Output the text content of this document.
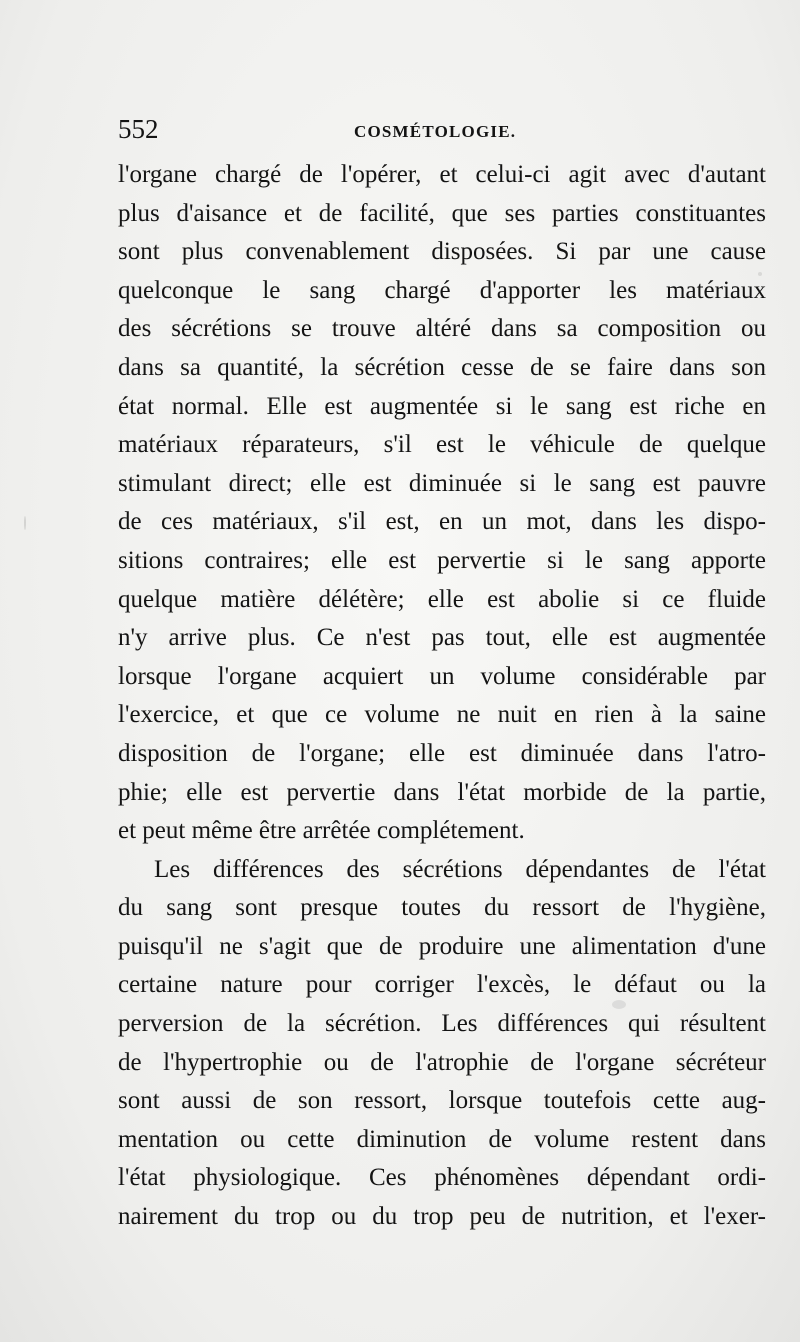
552	COSMÉTOLOGIE.
l'organe chargé de l'opérer, et celui-ci agit avec d'autant
plus d'aisance et de facilité, que ses parties constituantes
sont plus convenablement disposées. Si par une cause
quelconque le sang chargé d'apporter les matériaux
des sécrétions se trouve altéré dans sa composition ou
dans sa quantité, la sécrétion cesse de se faire dans son
état normal. Elle est augmentée si le sang est riche en
matériaux réparateurs, s'il est le véhicule de quelque
stimulant direct; elle est diminuée si le sang est pauvre
de ces matériaux, s'il est, en un mot, dans les dispo-
sitions contraires; elle est pervertie si le sang apporte
quelque matière délétère; elle est abolie si ce fluide
n'y arrive plus. Ce n'est pas tout, elle est augmentée
lorsque l'organe acquiert un volume considérable par
l'exercice, et que ce volume ne nuit en rien à la saine
disposition de l'organe; elle est diminuée dans l'atro-
phie; elle est pervertie dans l'état morbide de la partie,
et peut même être arrêtée complétement.
Les différences des sécrétions dépendantes de l'état
du sang sont presque toutes du ressort de l'hygiène,
puisqu'il ne s'agit que de produire une alimentation d'une
certaine nature pour corriger l'excès, le défaut ou la
perversion de la sécrétion. Les différences qui résultent
de l'hypertrophie ou de l'atrophie de l'organe sécréteur
sont aussi de son ressort, lorsque toutefois cette aug-
mentation ou cette diminution de volume restent dans
l'état physiologique. Ces phénomènes dépendant ordi-
nairement du trop ou du trop peu de nutrition, et l'exer-
